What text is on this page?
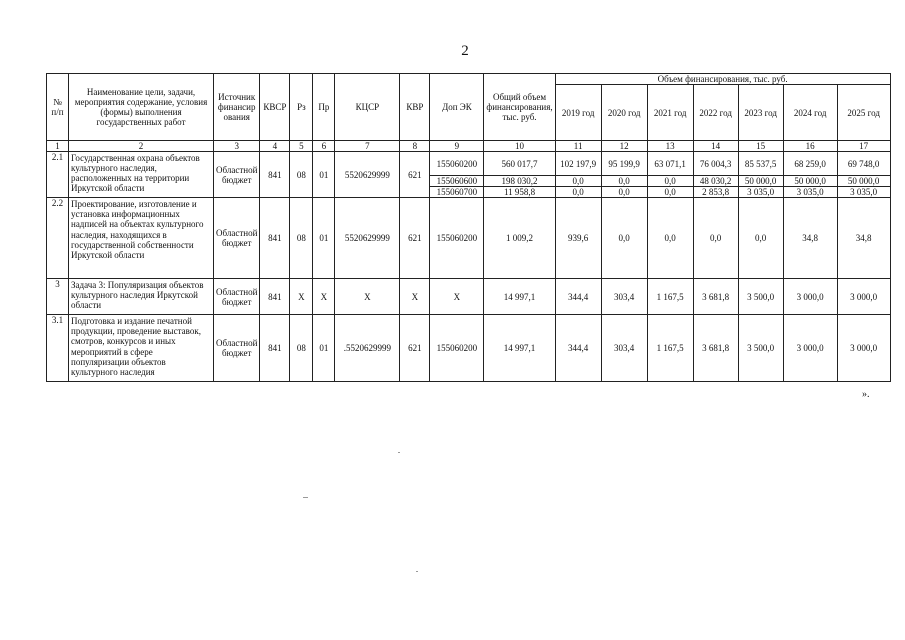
2
№ п/п	Наименование цели, задачи, мероприятия содержание, условия (формы) выполнения государственных работ	Источник финансирования	КВСР	Рз	Пр	КЦСР	КВР	Доп ЭК	Общий объем финансирования, тыс. руб.	Объем финансирования, тыс. руб.						
										2019 год	2020 год	2021 год	2022 год	2023 год	2024 год	2025 год
1	2	3	4	5	6	7	8	9	10	11	12	13	14	15	16	17
2.1	Государственная охрана объектов культурного наследия, расположенных на территории Иркутской области	Областной бюджет	841	08	01	5520629999	621	155060200	560 017,7	102 197,9	95 199,9	63 071,1	76 004,3	85 537,5	68 259,0	69 748,0
								155060600	198 030,2	0,0	0,0	0,0	48 030,2	50 000,0	50 000,0	50 000,0
								155060700	11 958,8	0,0	0,0	0,0	2 853,8	3 035,0	3 035,0	3 035,0
2.2	Проектирование, изготовление и установка информационных надписей на объектах культурного наследия, находящихся в государственной собственности Иркутской области	Областной бюджет	841	08	01	5520629999	621	155060200	1 009,2	939,6	0,0	0,0	0,0	0,0	34,8	34,8
3	Задача 3: Популяризация объектов культурного наследия Иркутской области	Областной бюджет	841	Х	Х	Х	Х	Х	14 997,1	344,4	303,4	1 167,5	3 681,8	3 500,0	3 000,0	3 000,0
3.1	Подготовка и издание печатной продукции, проведение выставок, смотров, конкурсов и иных мероприятий в сфере популяризации объектов культурного наследия	Областной бюджет	841	08	01	.5520629999	621	155060200	14 997,1	344,4	303,4	1 167,5	3 681,8	3 500,0	3 000,0	3 000,0
».
